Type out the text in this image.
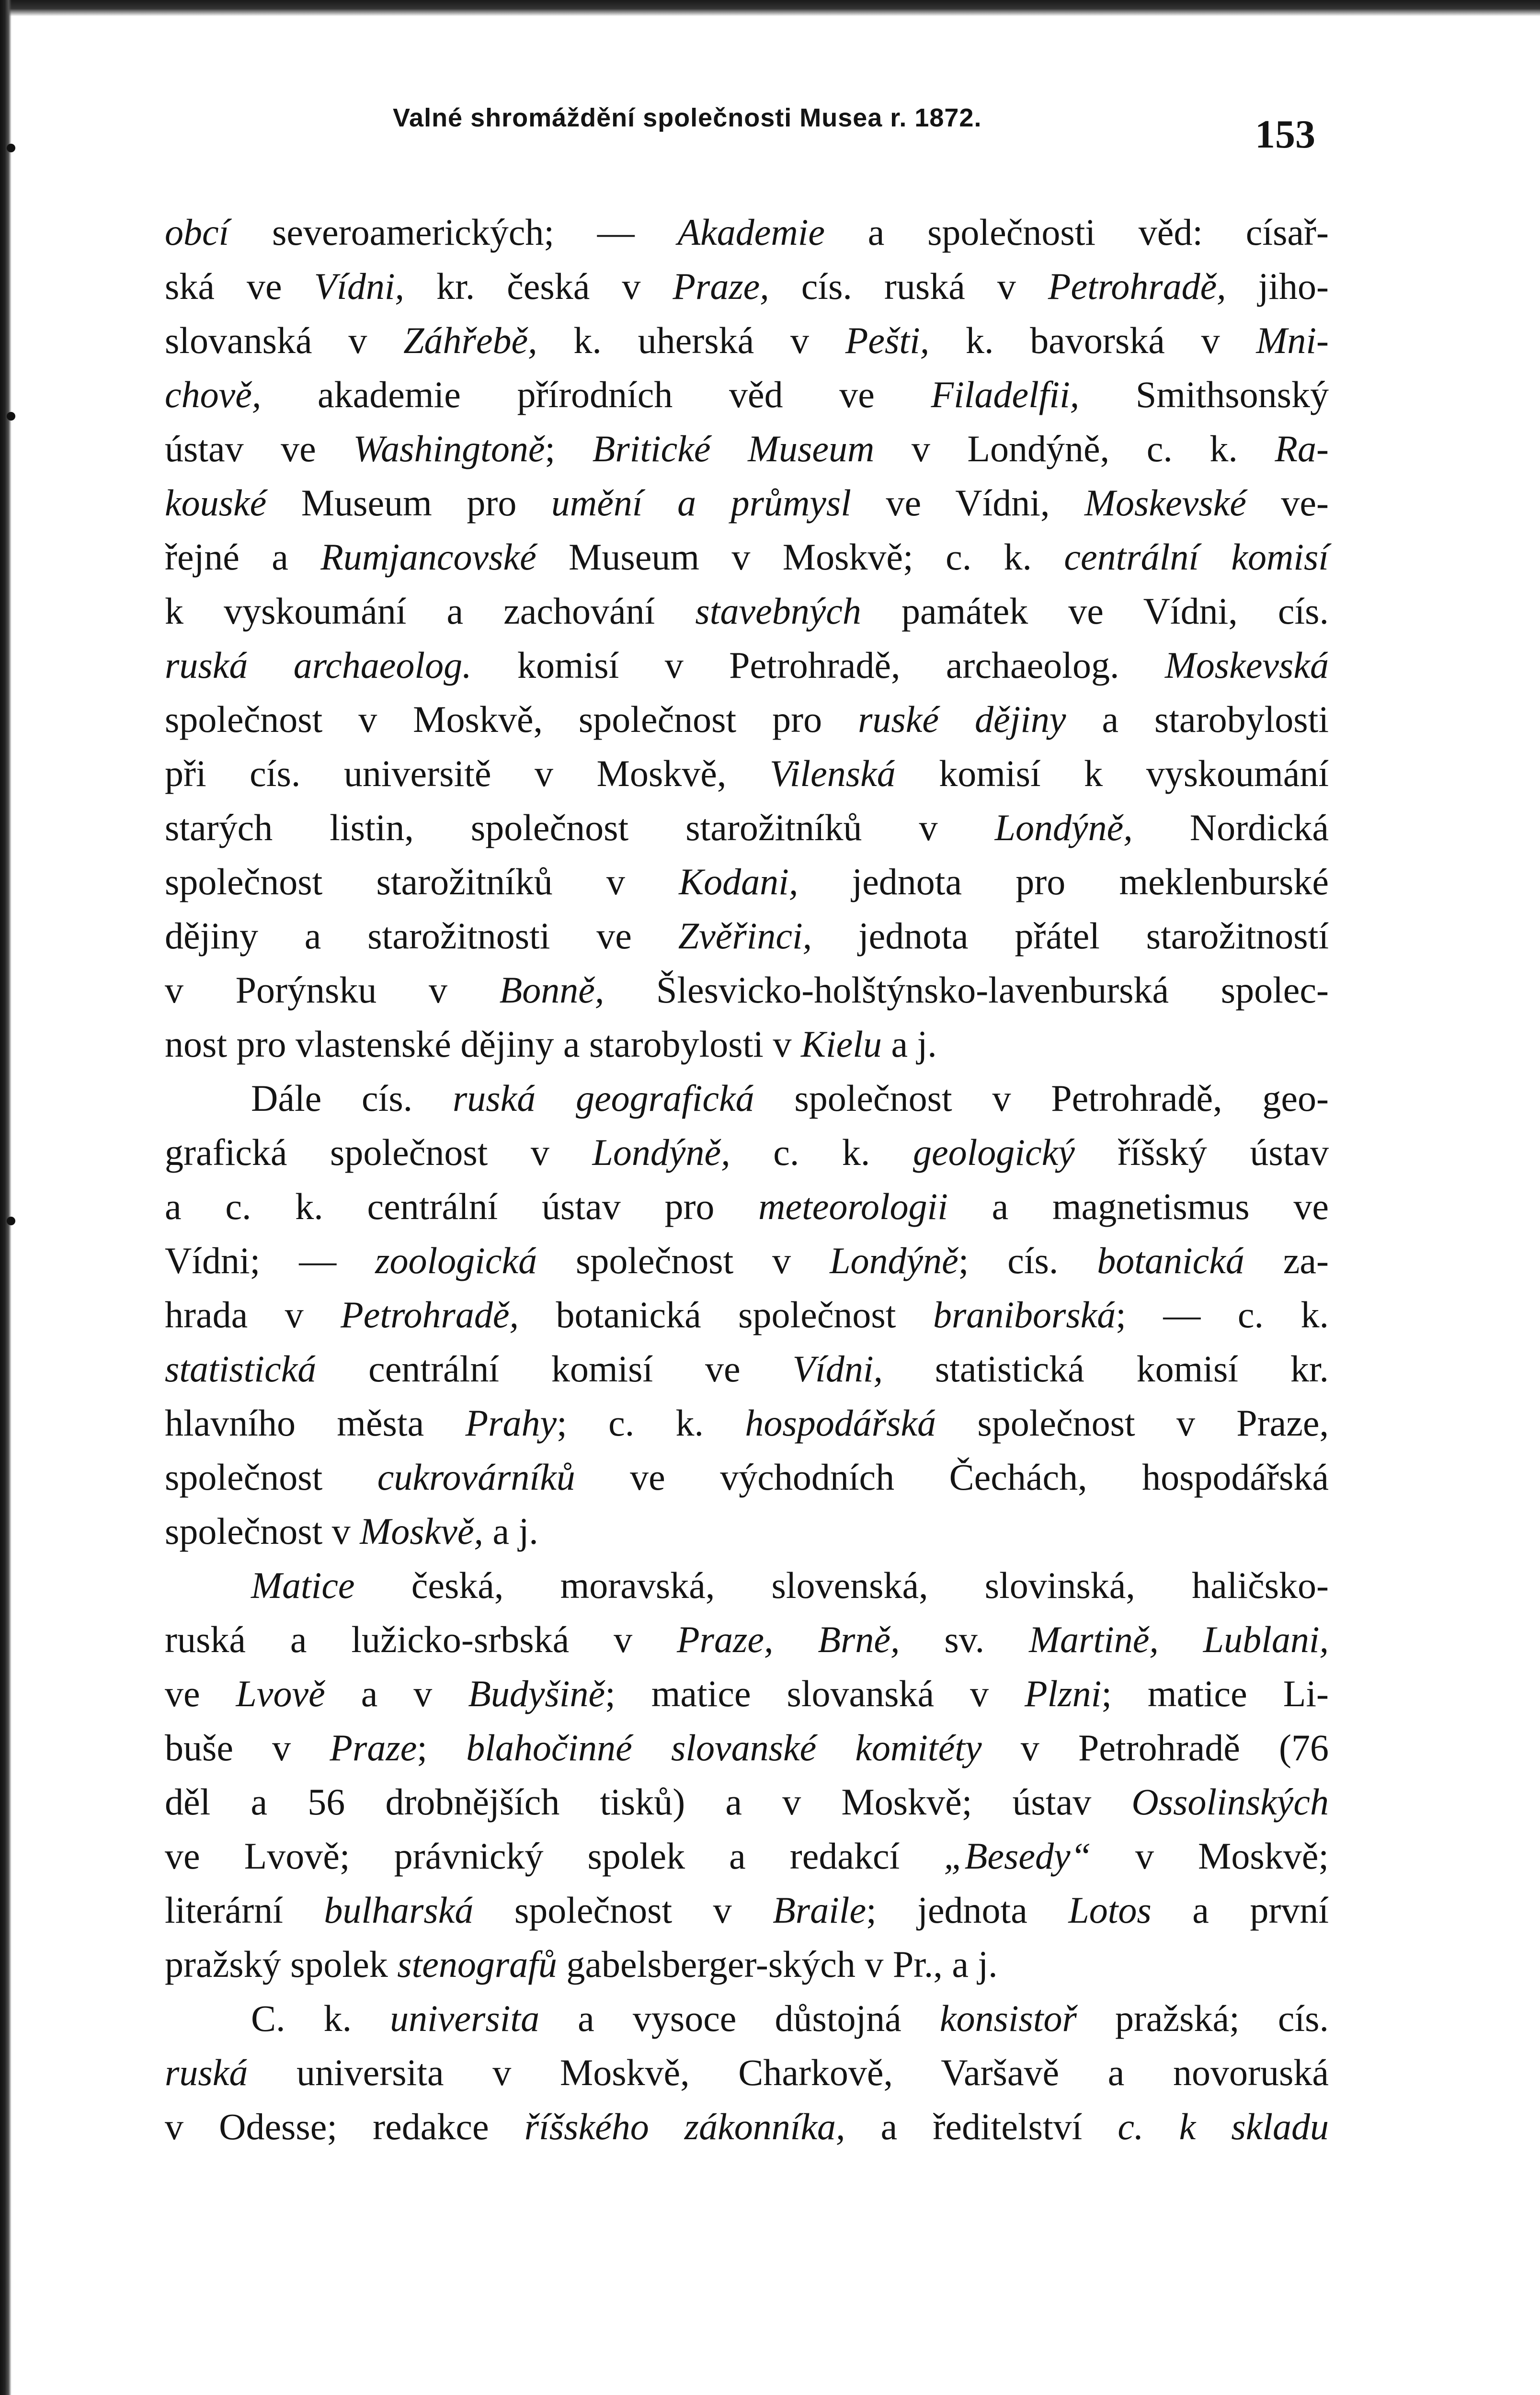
Valné shromáždění společnosti Musea r. 1872.	153
obcí severoamerických; — Akademie a společnosti věd: císař-
ská ve Vídni, kr. česká v Praze, cís. ruská v Petrohradě, jiho-
slovanská v Záhřebě, k. uherská v Pešti, k. bavorská v Mni-
chově, akademie přírodních věd ve Filadelfii, Smithsonský
ústav ve Washingtoně; Britické Museum v Londýně, c. k. Ra-
kouské Museum pro umění a průmysl ve Vídni, Moskevské ve-
řejné a Rumjancovské Museum v Moskvě; c. k. centrální komisí
k vyskoumání a zachování stavebných památek ve Vídni, cís.
ruská archaeolog. komisí v Petrohradě, archaeolog. Moskevská
společnost v Moskvě, společnost pro ruské dějiny a starobylosti
při cís. universitě v Moskvě, Vilenská komisí k vyskoumání
starých listin, společnost starožitníků v Londýně, Nordická
společnost starožitníků v Kodani, jednota pro meklenburské
dějiny a starožitnosti ve Zvěřinci, jednota přátel starožitností
v Porýnsku v Bonně, Šlesvicko-holštýnsko-lavenburská spolec-
nost pro vlastenské dějiny a starobylosti v Kielu a j.
Dále cís. ruská geografická společnost v Petrohradě, geo-
grafická společnost v Londýně, c. k. geologický říšský ústav
a c. k. centrální ústav pro meteorologii a magnetismus ve
Vídni; — zoologická společnost v Londýně; cís. botanická za-
hrada v Petrohradě, botanická společnost braniborská; — c. k.
statistická centrální komisí ve Vídni, statistická komisí kr.
hlavního města Prahy; c. k. hospodářská společnost v Praze,
společnost cukrovárníků ve východních Čechách, hospodářská
společnost v Moskvě, a j.
Matice česká, moravská, slovenská, slovinská, haličsko-
ruská a lužicko-srbská v Praze, Brně, sv. Martině, Lublani,
ve Lvově a v Budyšině; matice slovanská v Plzni; matice Li-
buše v Praze; blahočinné slovanské komitéty v Petrohradě (76
děl a 56 drobnějších tisků) a v Moskvě; ústav Ossolinských
ve Lvově; právnický spolek a redakcí „Besedy“ v Moskvě;
literární bulharská společnost v Braile; jednota Lotos a první
pražský spolek stenografů gabelsberger-ských v Pr., a j.
C. k. universita a vysoce důstojná konsistoř pražská; cís.
ruská universita v Moskvě, Charkově, Varšavě a novoruská
v Odesse; redakce říšského zákonníka, a ředitelství c. k skladu
